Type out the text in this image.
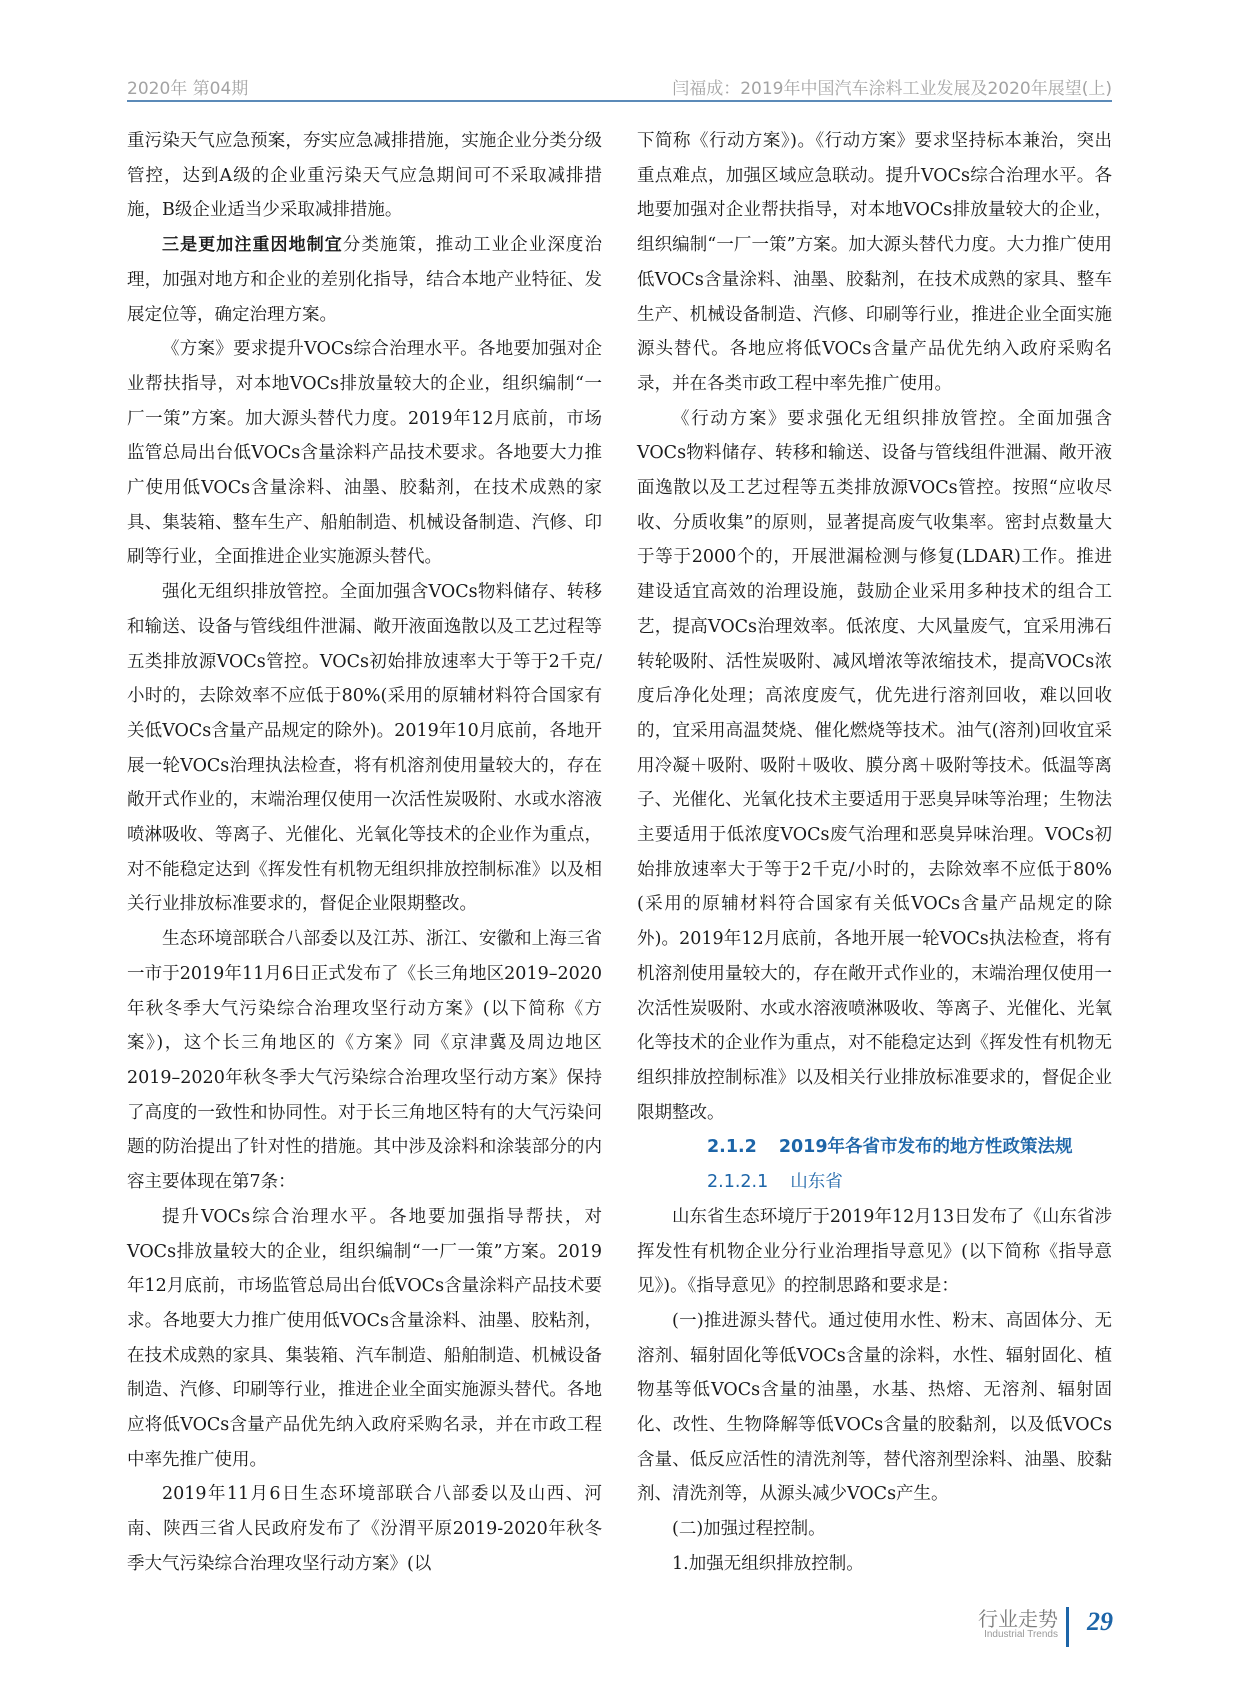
2020年 第04期	闫福成：2019年中国汽车涂料工业发展及2020年展望(上)

重污染天气应急预案，夯实应急减排措施，实施企业分类分级管控，达到A级的企业重污染天气应急期间可不采取减排措施，B级企业适当少采取减排措施。

三是更加注重因地制宜分类施策，推动工业企业深度治理，加强对地方和企业的差别化指导，结合本地产业特征、发展定位等，确定治理方案。

《方案》要求提升VOCs综合治理水平。各地要加强对企业帮扶指导，对本地VOCs排放量较大的企业，组织编制“一厂一策”方案。加大源头替代力度。2019年12月底前，市场监管总局出台低VOCs含量涂料产品技术要求。各地要大力推广使用低VOCs含量涂料、油墨、胶黏剂，在技术成熟的家具、集装箱、整车生产、船舶制造、机械设备制造、汽修、印刷等行业，全面推进企业实施源头替代。

强化无组织排放管控。全面加强含VOCs物料储存、转移和输送、设备与管线组件泄漏、敞开液面逸散以及工艺过程等五类排放源VOCs管控。VOCs初始排放速率大于等于2千克/小时的，去除效率不应低于80%(采用的原辅材料符合国家有关低VOCs含量产品规定的除外)。2019年10月底前，各地开展一轮VOCs治理执法检查，将有机溶剂使用量较大的，存在敞开式作业的，末端治理仅使用一次活性炭吸附、水或水溶液喷淋吸收、等离子、光催化、光氧化等技术的企业作为重点，对不能稳定达到《挥发性有机物无组织排放控制标准》以及相关行业排放标准要求的，督促企业限期整改。

生态环境部联合八部委以及江苏、浙江、安徽和上海三省一市于2019年11月6日正式发布了《长三角地区2019–2020年秋冬季大气污染综合治理攻坚行动方案》(以下简称《方案》)，这个长三角地区的《方案》同《京津冀及周边地区2019–2020年秋冬季大气污染综合治理攻坚行动方案》保持了高度的一致性和协同性。对于长三角地区特有的大气污染问题的防治提出了针对性的措施。其中涉及涂料和涂装部分的内容主要体现在第7条：

提升VOCs综合治理水平。各地要加强指导帮扶，对VOCs排放量较大的企业，组织编制“一厂一策”方案。2019年12月底前，市场监管总局出台低VOCs含量涂料产品技术要求。各地要大力推广使用低VOCs含量涂料、油墨、胶粘剂，在技术成熟的家具、集装箱、汽车制造、船舶制造、机械设备制造、汽修、印刷等行业，推进企业全面实施源头替代。各地应将低VOCs含量产品优先纳入政府采购名录，并在市政工程中率先推广使用。

2019年11月6日生态环境部联合八部委以及山西、河南、陕西三省人民政府发布了《汾渭平原2019-2020年秋冬季大气污染综合治理攻坚行动方案》(以

下简称《行动方案》)。《行动方案》要求坚持标本兼治，突出重点难点，加强区域应急联动。提升VOCs综合治理水平。各地要加强对企业帮扶指导，对本地VOCs排放量较大的企业，组织编制“一厂一策”方案。加大源头替代力度。大力推广使用低VOCs含量涂料、油墨、胶黏剂，在技术成熟的家具、整车生产、机械设备制造、汽修、印刷等行业，推进企业全面实施源头替代。各地应将低VOCs含量产品优先纳入政府采购名录，并在各类市政工程中率先推广使用。

《行动方案》要求强化无组织排放管控。全面加强含VOCs物料储存、转移和输送、设备与管线组件泄漏、敞开液面逸散以及工艺过程等五类排放源VOCs管控。按照“应收尽收、分质收集”的原则，显著提高废气收集率。密封点数量大于等于2000个的，开展泄漏检测与修复(LDAR)工作。推进建设适宜高效的治理设施，鼓励企业采用多种技术的组合工艺，提高VOCs治理效率。低浓度、大风量废气，宜采用沸石转轮吸附、活性炭吸附、减风增浓等浓缩技术，提高VOCs浓度后净化处理；高浓度废气，优先进行溶剂回收，难以回收的，宜采用高温焚烧、催化燃烧等技术。油气(溶剂)回收宜采用冷凝＋吸附、吸附＋吸收、膜分离＋吸附等技术。低温等离子、光催化、光氧化技术主要适用于恶臭异味等治理；生物法主要适用于低浓度VOCs废气治理和恶臭异味治理。VOCs初始排放速率大于等于2千克/小时的，去除效率不应低于80%(采用的原辅材料符合国家有关低VOCs含量产品规定的除外)。2019年12月底前，各地开展一轮VOCs执法检查，将有机溶剂使用量较大的，存在敞开式作业的，末端治理仅使用一次活性炭吸附、水或水溶液喷淋吸收、等离子、光催化、光氧化等技术的企业作为重点，对不能稳定达到《挥发性有机物无组织排放控制标准》以及相关行业排放标准要求的，督促企业限期整改。

2.1.2 2019年各省市发布的地方性政策法规

2.1.2.1 山东省

山东省生态环境厅于2019年12月13日发布了《山东省涉挥发性有机物企业分行业治理指导意见》(以下简称《指导意见》)。《指导意见》的控制思路和要求是：

(一)推进源头替代。通过使用水性、粉末、高固体分、无溶剂、辐射固化等低VOCs含量的涂料，水性、辐射固化、植物基等低VOCs含量的油墨，水基、热熔、无溶剂、辐射固化、改性、生物降解等低VOCs含量的胶黏剂，以及低VOCs含量、低反应活性的清洗剂等，替代溶剂型涂料、油墨、胶黏剂、清洗剂等，从源头减少VOCs产生。

(二)加强过程控制。

1.加强无组织排放控制。

行业走势
Industrial Trends 29
